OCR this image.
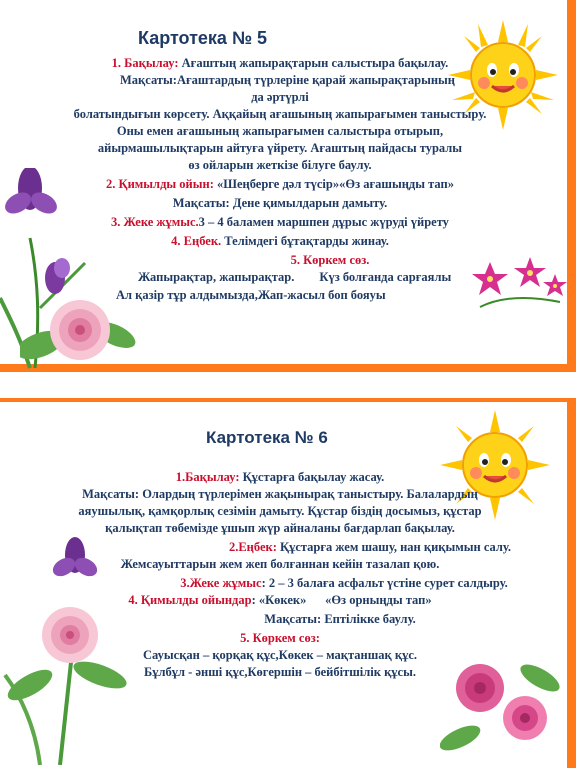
Картотека № 5
1. Бақылау: Ағаштың жапырақтарын салыстыра бақылау.
Мақсаты:Ағаштардың түрлеріне қарай жапырақтарының
да әртүрлі
болатындығын көрсету. Аққайың ағашының жапырағымен таныстыру.
Оны емен ағашының жапырағымен салыстыра отырып,
айырмашылықтарын айтуға үйрету. Ағаштың пайдасы туралы
өз ойларын жеткізе білуге баулу.
2. Қимылды ойын: «Шеңберге дәл түсір»«Өз ағашыңды тап»
Мақсаты: Дене қимылдарын дамыту.
3. Жеке жұмыс.3 – 4 баламен маршпен дұрыс жүруді үйрету
4. Еңбек. Телімдегі бұтақтарды жинау.
5. Көркем сөз.
Жапырақтар, жапырақтар.        Күз болғанда сарғаялы
Ал қазір тұр алдымызда,Жап-жасыл боп бояуы
Картотека № 6
1.Бақылау: Құстарға бақылау жасау.
Мақсаты: Олардың түрлерімен жақынырақ таныстыру. Балалардың
аяушылық, қамқорлық сезімін дамыту. Құстар біздің досымыз, құстар
қалықтап төбемізде ұшып жүр айналаны бағдарлап бақылау.
2.Еңбек: Құстарға жем шашу, нан қиқымын салу.
Жемсауыттарын жем жеп болғаннан кейін тазалап қою.
3.Жеке жұмыс: 2 – 3 балаға асфальт үстіне сурет салдыру.
4. Қимылды ойындар: «Көкек»      «Өз орныңды тап»
Мақсаты: Ептілікке баулу.
5. Көркем сөз:
Сауысқан – қорқақ құс,Көкек – мақтаншақ құс.
Бұлбұл - әнші құс,Көгершін – бейбітшілік құсы.
